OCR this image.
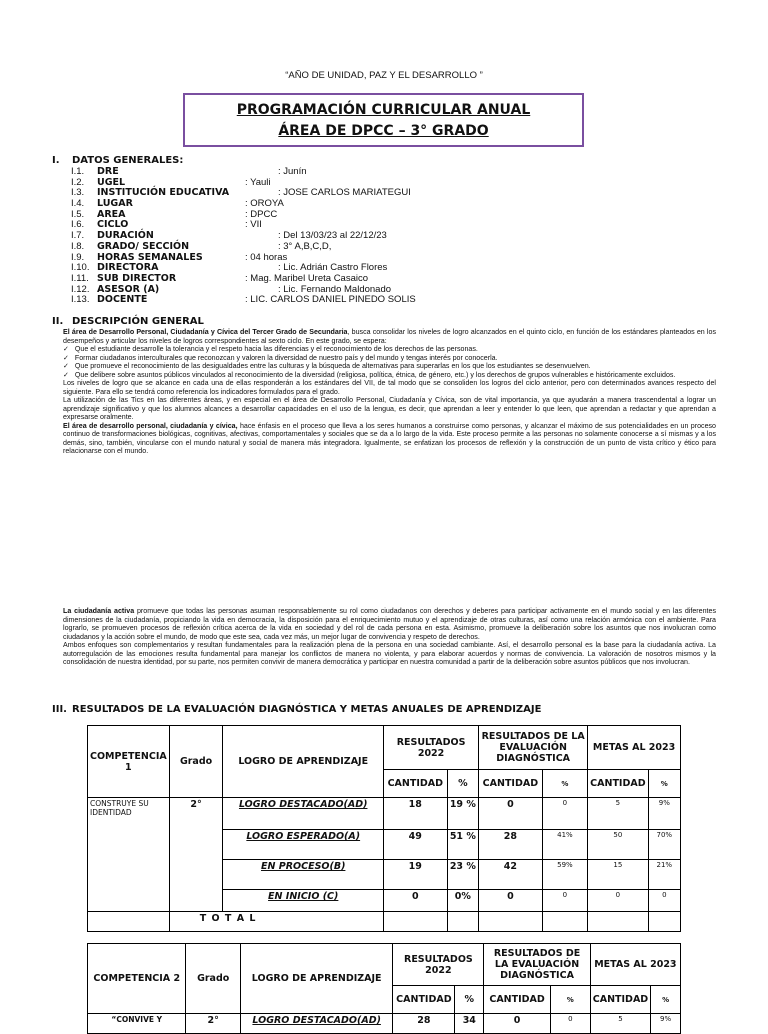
“AÑO DE UNIDAD, PAZ Y EL DESARROLLO ”
PROGRAMACIÓN CURRICULAR ANUAL
ÁREA DE DPCC – 3° GRADO
I. DATOS GENERALES:
I.1. DRE	: Junín
I.2. UGEL	: Yauli
I.3. INSTITUCIÓN EDUCATIVA	: JOSE CARLOS MARIATEGUI
I.4. LUGAR	: OROYA
I.5. AREA	: DPCC
I.6. CICLO	: VII
I.7. DURACIÓN	: Del 13/03/23 al 22/12/23
I.8. GRADO/ SECCIÓN	: 3° A,B,C,D,
I.9. HORAS SEMANALES	: 04 horas
I.10. DIRECTORA	: Lic. Adrián Castro Flores
I.11. SUB DIRECTOR	: Mag. Maribel Ureta Casaico
I.12. ASESOR (A)	: Lic. Fernando Maldonado
I.13. DOCENTE	: LIC. CARLOS DANIEL PINEDO SOLIS
II. DESCRIPCIÓN GENERAL

El área de Desarrollo Personal, Ciudadanía y Cívica del Tercer Grado de Secundaria, busca consolidar los niveles de logro alcanzados en el quinto ciclo, en función de los estándares planteados en los desempeños y articular los niveles de logros correspondientes al sexto ciclo. En este grado, se espera:

✓   Que el estudiante desarrolle la tolerancia y el respeto hacia las diferencias y el reconocimiento de los derechos de las personas.

✓   Formar ciudadanos interculturales que reconozcan y valoren la diversidad de nuestro país y del mundo y tengas interés por conocerla.

✓   Que promueve el reconocimiento de las desigualdades entre las culturas y la búsqueda de alternativas para superarlas en los que los estudiantes se desenvuelven.

✓   Que delibere sobre asuntos públicos vinculados al reconocimiento de la diversidad (religiosa, política, étnica, de género, etc.) y los derechos de grupos vulnerables e históricamente excluidos.

Los niveles de logro que se alcance en cada una de ellas responderán a los estándares del VII, de tal modo que se consoliden los logros del ciclo anterior, pero con determinados avances respecto del siguiente. Para ello se tendrá como referencia los indicadores formulados para el grado.

La utilización de las Tics en las diferentes áreas, y en especial en el área de Desarrollo Personal, Ciudadanía y Cívica, son de vital importancia, ya que ayudarán a manera trascendental a lograr un aprendizaje significativo y que los alumnos alcances a desarrollar capacidades en el uso de la lengua, es decir, que aprendan a leer y entender lo que leen, que aprendan a redactar y que aprendan a expresarse oralmente.

El área de desarrollo personal, ciudadanía y cívica, hace énfasis en el proceso que lleva a los seres humanos a construirse como personas, y alcanzar el máximo de sus potencialidades en un proceso continuo de transformaciones biológicas, cognitivas, afectivas, comportamentales y sociales que se da a lo largo de la vida. Este proceso permite a las personas no solamente conocerse a sí mismas y a los demás, sino, también, vincularse con el mundo natural y social de manera más integradora. Igualmente, se enfatizan los procesos de reflexión y la construcción de un punto de vista crítico y ético para relacionarse con el mundo.

La ciudadanía activa promueve que todas las personas asuman responsablemente su rol como ciudadanos con derechos y deberes para participar activamente en el mundo social y en las diferentes dimensiones de la ciudadanía, propiciando la vida en democracia, la disposición para el enriquecimiento mutuo y el aprendizaje de otras culturas, así como una relación armónica con el ambiente. Para lograrlo, se promueven procesos de reflexión crítica acerca de la vida en sociedad y del rol de cada persona en esta. Asimismo, promueve la deliberación sobre los asuntos que nos involucran como ciudadanos y la acción sobre el mundo, de modo que este sea, cada vez más, un mejor lugar de convivencia y respeto de derechos.

Ambos enfoques son complementarios y resultan fundamentales para la realización plena de la persona en una sociedad cambiante. Así, el desarrollo personal es la base para la ciudadanía activa. La autorregulación de las emociones resulta fundamental para manejar los conflictos de manera no violenta, y para elaborar acuerdos y normas de convivencia. La valoración de nosotros mismos y la consolidación de nuestra identidad, por su parte, nos permiten convivir de manera democrática y participar en nuestra comunidad a partir de la deliberación sobre asuntos públicos que nos involucran.

III. RESULTADOS DE LA EVALUACIÓN DIAGNÓSTICA Y METAS ANUALES DE APRENDIZAJE
COMPETENCIA 1	Grado	LOGRO DE APRENDIZAJE	RESULTADOS 2022		RESULTADOS DE LA EVALUACIÓN DIAGNÓSTICA		METAS AL 2023	
			CANTIDAD	%	CANTIDAD	%	CANTIDAD	%
CONSTRUYE SU IDENTIDAD	2°	LOGRO DESTACADO(AD)	18	19 %	0	0	5	9%
		LOGRO ESPERADO(A)	49	51 %	28	41%	50	70%
		EN PROCESO(B)	19	23 %	42	59%	15	21%
		EN INICIO (C)	0	0%	0	0	0	0
	T O T A L							
COMPETENCIA 2	Grado	LOGRO DE APRENDIZAJE	RESULTADOS 2022		RESULTADOS DE LA EVALUACIÓN DIAGNÓSTICA		METAS AL 2023	
			CANTIDAD	%	CANTIDAD	%	CANTIDAD	%
“CONVIVE Y	2°	LOGRO DESTACADO(AD)	28	34	0	0	5	9%
